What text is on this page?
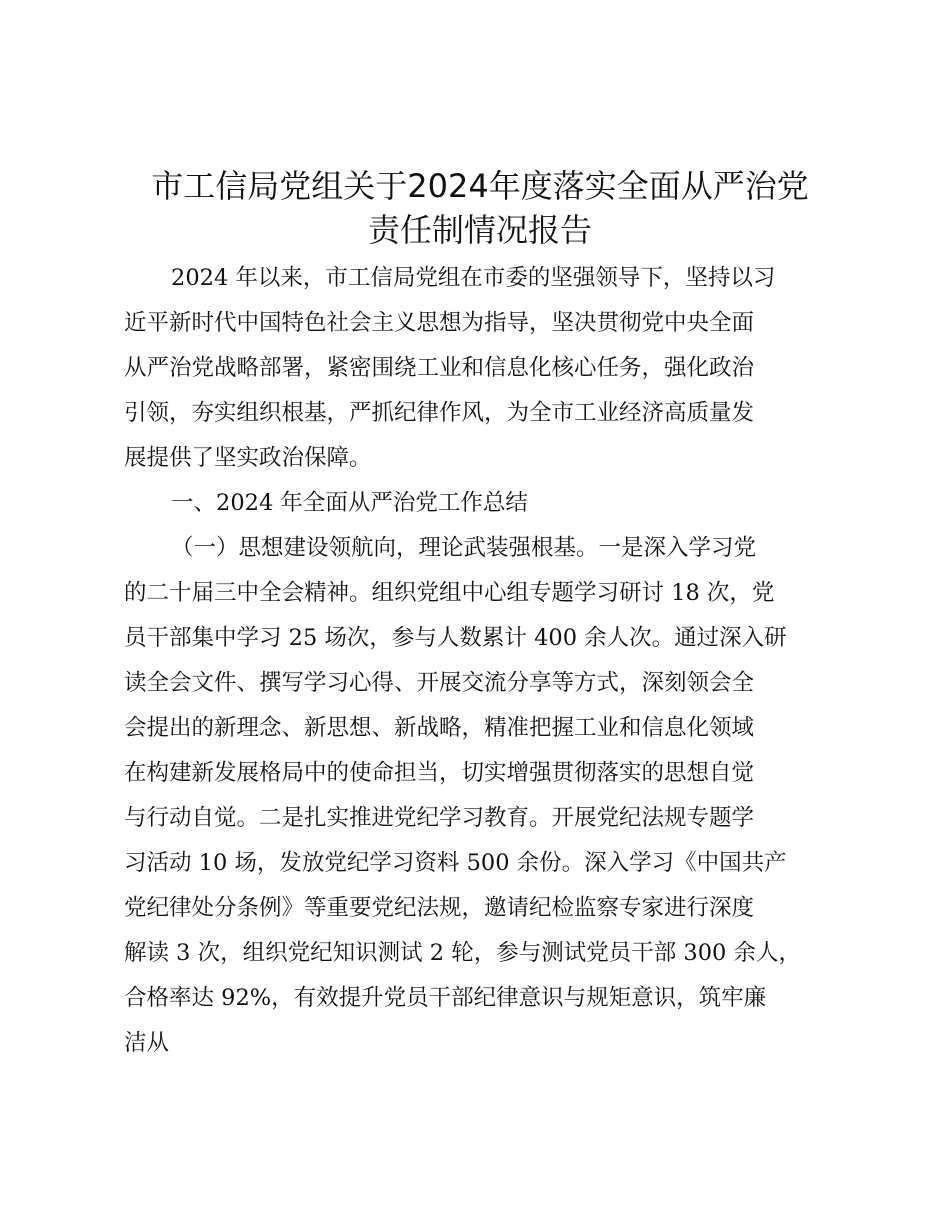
市工信局党组关于2024年度落实全面从严治党
责任制情况报告
2024 年以来，市工信局党组在市委的坚强领导下，坚持以习
近平新时代中国特色社会主义思想为指导，坚决贯彻党中央全面
从严治党战略部署，紧密围绕工业和信息化核心任务，强化政治
引领，夯实组织根基，严抓纪律作风，为全市工业经济高质量发
展提供了坚实政治保障。
一、2024 年全面从严治党工作总结
（一）思想建设领航向，理论武装强根基。一是深入学习党
的二十届三中全会精神。组织党组中心组专题学习研讨 18 次，党
员干部集中学习 25 场次，参与人数累计 400 余人次。通过深入研
读全会文件、撰写学习心得、开展交流分享等方式，深刻领会全
会提出的新理念、新思想、新战略，精准把握工业和信息化领域
在构建新发展格局中的使命担当，切实增强贯彻落实的思想自觉
与行动自觉。二是扎实推进党纪学习教育。开展党纪法规专题学
习活动 10 场，发放党纪学习资料 500 余份。深入学习《中国共产
党纪律处分条例》等重要党纪法规，邀请纪检监察专家进行深度
解读 3 次，组织党纪知识测试 2 轮，参与测试党员干部 300 余人，
合格率达 92%，有效提升党员干部纪律意识与规矩意识，筑牢廉
洁从
